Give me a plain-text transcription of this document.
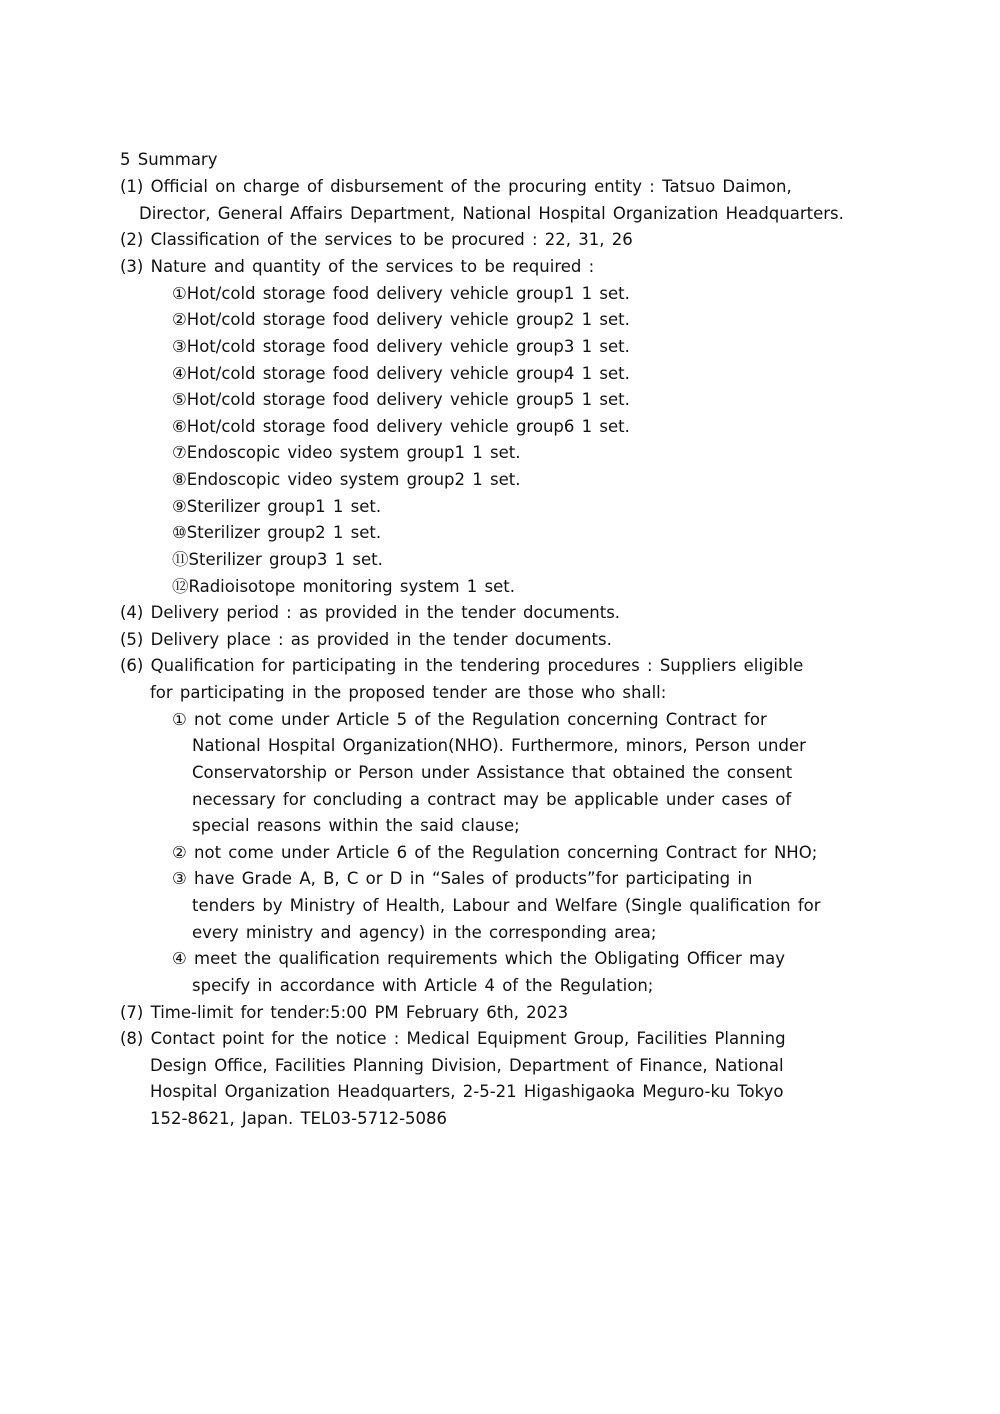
5 Summary
(1) Official on charge of disbursement of the procuring entity : Tatsuo Daimon,
Director, General Affairs Department, National Hospital Organization Headquarters.
(2) Classification of the services to be procured : 22, 31, 26
(3) Nature and quantity of the services to be required :
①Hot/cold storage food delivery vehicle group1 1 set.
②Hot/cold storage food delivery vehicle group2 1 set.
③Hot/cold storage food delivery vehicle group3 1 set.
④Hot/cold storage food delivery vehicle group4 1 set.
⑤Hot/cold storage food delivery vehicle group5 1 set.
⑥Hot/cold storage food delivery vehicle group6 1 set.
⑦Endoscopic video system group1 1 set.
⑧Endoscopic video system group2 1 set.
⑨Sterilizer group1 1 set.
⑩Sterilizer group2 1 set.
⑪Sterilizer group3 1 set.
⑫Radioisotope monitoring system 1 set.
(4) Delivery period : as provided in the tender documents.
(5) Delivery place : as provided in the tender documents.
(6) Qualification for participating in the tendering procedures : Suppliers eligible
for participating in the proposed tender are those who shall:
① not come under Article 5 of the Regulation concerning Contract for
National Hospital Organization(NHO). Furthermore, minors, Person under
Conservatorship or Person under Assistance that obtained the consent
necessary for concluding a contract may be applicable under cases of
special reasons within the said clause;
② not come under Article 6 of the Regulation concerning Contract for NHO;
③ have Grade A, B, C or D in “Sales of products”for participating in
tenders by Ministry of Health, Labour and Welfare (Single qualification for
every ministry and agency) in the corresponding area;
④ meet the qualification requirements which the Obligating Officer may
specify in accordance with Article 4 of the Regulation;
(7) Time-limit for tender:5:00 PM February 6th, 2023
(8) Contact point for the notice : Medical Equipment Group, Facilities Planning
Design Office, Facilities Planning Division, Department of Finance, National
Hospital Organization Headquarters, 2-5-21 Higashigaoka Meguro-ku Tokyo
152-8621, Japan. TEL03-5712-5086
